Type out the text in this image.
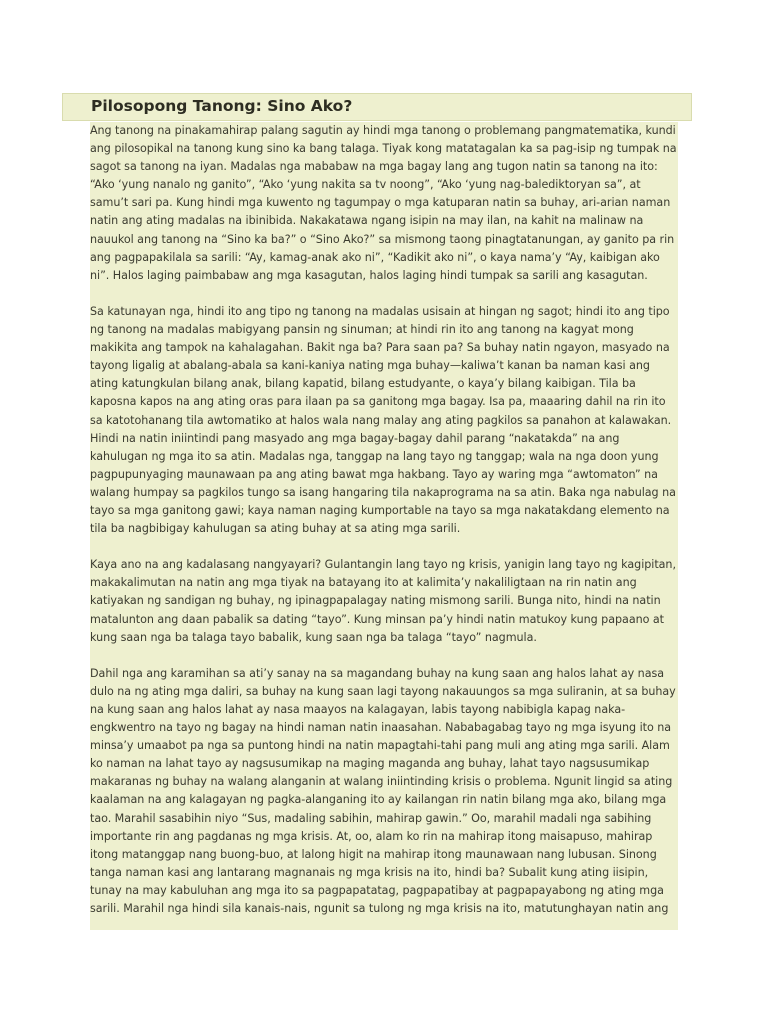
Pilosopong Tanong: Sino Ako?
Ang tanong na pinakamahirap palang sagutin ay hindi mga tanong o problemang pangmatematika, kundi
ang pilosopikal na tanong kung sino ka bang talaga. Tiyak kong matatagalan ka sa pag-isip ng tumpak na
sagot sa tanong na iyan. Madalas nga mababaw na mga bagay lang ang tugon natin sa tanong na ito:
“Ako ‘yung nanalo ng ganito”, “Ako ‘yung nakita sa tv noong”, “Ako ‘yung nag-balediktoryan sa”, at
samu’t sari pa. Kung hindi mga kuwento ng tagumpay o mga katuparan natin sa buhay, ari-arian naman
natin ang ating madalas na ibinibida. Nakakatawa ngang isipin na may ilan, na kahit na malinaw na
nauukol ang tanong na “Sino ka ba?” o “Sino Ako?” sa mismong taong pinagtatanungan, ay ganito pa rin
ang pagpapakilala sa sarili: “Ay, kamag-anak ako ni”, “Kadikit ako ni”, o kaya nama’y “Ay, kaibigan ako
ni”. Halos laging paimbabaw ang mga kasagutan, halos laging hindi tumpak sa sarili ang kasagutan.
Sa katunayan nga, hindi ito ang tipo ng tanong na madalas usisain at hingan ng sagot; hindi ito ang tipo
ng tanong na madalas mabigyang pansin ng sinuman; at hindi rin ito ang tanong na kagyat mong
makikita ang tampok na kahalagahan. Bakit nga ba? Para saan pa? Sa buhay natin ngayon, masyado na
tayong ligalig at abalang-abala sa kani-kaniya nating mga buhay—kaliwa’t kanan ba naman kasi ang
ating katungkulan bilang anak, bilang kapatid, bilang estudyante, o kaya’y bilang kaibigan. Tila ba
kaposna kapos na ang ating oras para ilaan pa sa ganitong mga bagay. Isa pa, maaaring dahil na rin ito
sa katotohanang tila awtomatiko at halos wala nang malay ang ating pagkilos sa panahon at kalawakan.
Hindi na natin iniintindi pang masyado ang mga bagay-bagay dahil parang “nakatakda” na ang
kahulugan ng mga ito sa atin. Madalas nga, tanggap na lang tayo ng tanggap; wala na nga doon yung
pagpupunyaging maunawaan pa ang ating bawat mga hakbang. Tayo ay waring mga “awtomaton” na
walang humpay sa pagkilos tungo sa isang hangaring tila nakaprograma na sa atin. Baka nga nabulag na
tayo sa mga ganitong gawi; kaya naman naging kumportable na tayo sa mga nakatakdang elemento na
tila ba nagbibigay kahulugan sa ating buhay at sa ating mga sarili.
Kaya ano na ang kadalasang nangyayari? Gulantangin lang tayo ng krisis, yanigin lang tayo ng kagipitan,
makakalimutan na natin ang mga tiyak na batayang ito at kalimita’y nakaliligtaan na rin natin ang
katiyakan ng sandigan ng buhay, ng ipinagpapalagay nating mismong sarili. Bunga nito, hindi na natin
matalunton ang daan pabalik sa dating “tayo”. Kung minsan pa’y hindi natin matukoy kung papaano at
kung saan nga ba talaga tayo babalik, kung saan nga ba talaga “tayo” nagmula.
Dahil nga ang karamihan sa ati’y sanay na sa magandang buhay na kung saan ang halos lahat ay nasa
dulo na ng ating mga daliri, sa buhay na kung saan lagi tayong nakauungos sa mga suliranin, at sa buhay
na kung saan ang halos lahat ay nasa maayos na kalagayan, labis tayong nabibigla kapag naka-
engkwentro na tayo ng bagay na hindi naman natin inaasahan. Nababagabag tayo ng mga isyung ito na
minsa’y umaabot pa nga sa puntong hindi na natin mapagtahi-tahi pang muli ang ating mga sarili. Alam
ko naman na lahat tayo ay nagsusumikap na maging maganda ang buhay, lahat tayo nagsusumikap
makaranas ng buhay na walang alanganin at walang iniintinding krisis o problema. Ngunit lingid sa ating
kaalaman na ang kalagayan ng pagka-alanganing ito ay kailangan rin natin bilang mga ako, bilang mga
tao. Marahil sasabihin niyo “Sus, madaling sabihin, mahirap gawin.” Oo, marahil madali nga sabihing
importante rin ang pagdanas ng mga krisis. At, oo, alam ko rin na mahirap itong maisapuso, mahirap
itong matanggap nang buong-buo, at lalong higit na mahirap itong maunawaan nang lubusan. Sinong
tanga naman kasi ang lantarang magnanais ng mga krisis na ito, hindi ba? Subalit kung ating iisipin,
tunay na may kabuluhan ang mga ito sa pagpapatatag, pagpapatibay at pagpapayabong ng ating mga
sarili. Marahil nga hindi sila kanais-nais, ngunit sa tulong ng mga krisis na ito, matutunghayan natin ang
